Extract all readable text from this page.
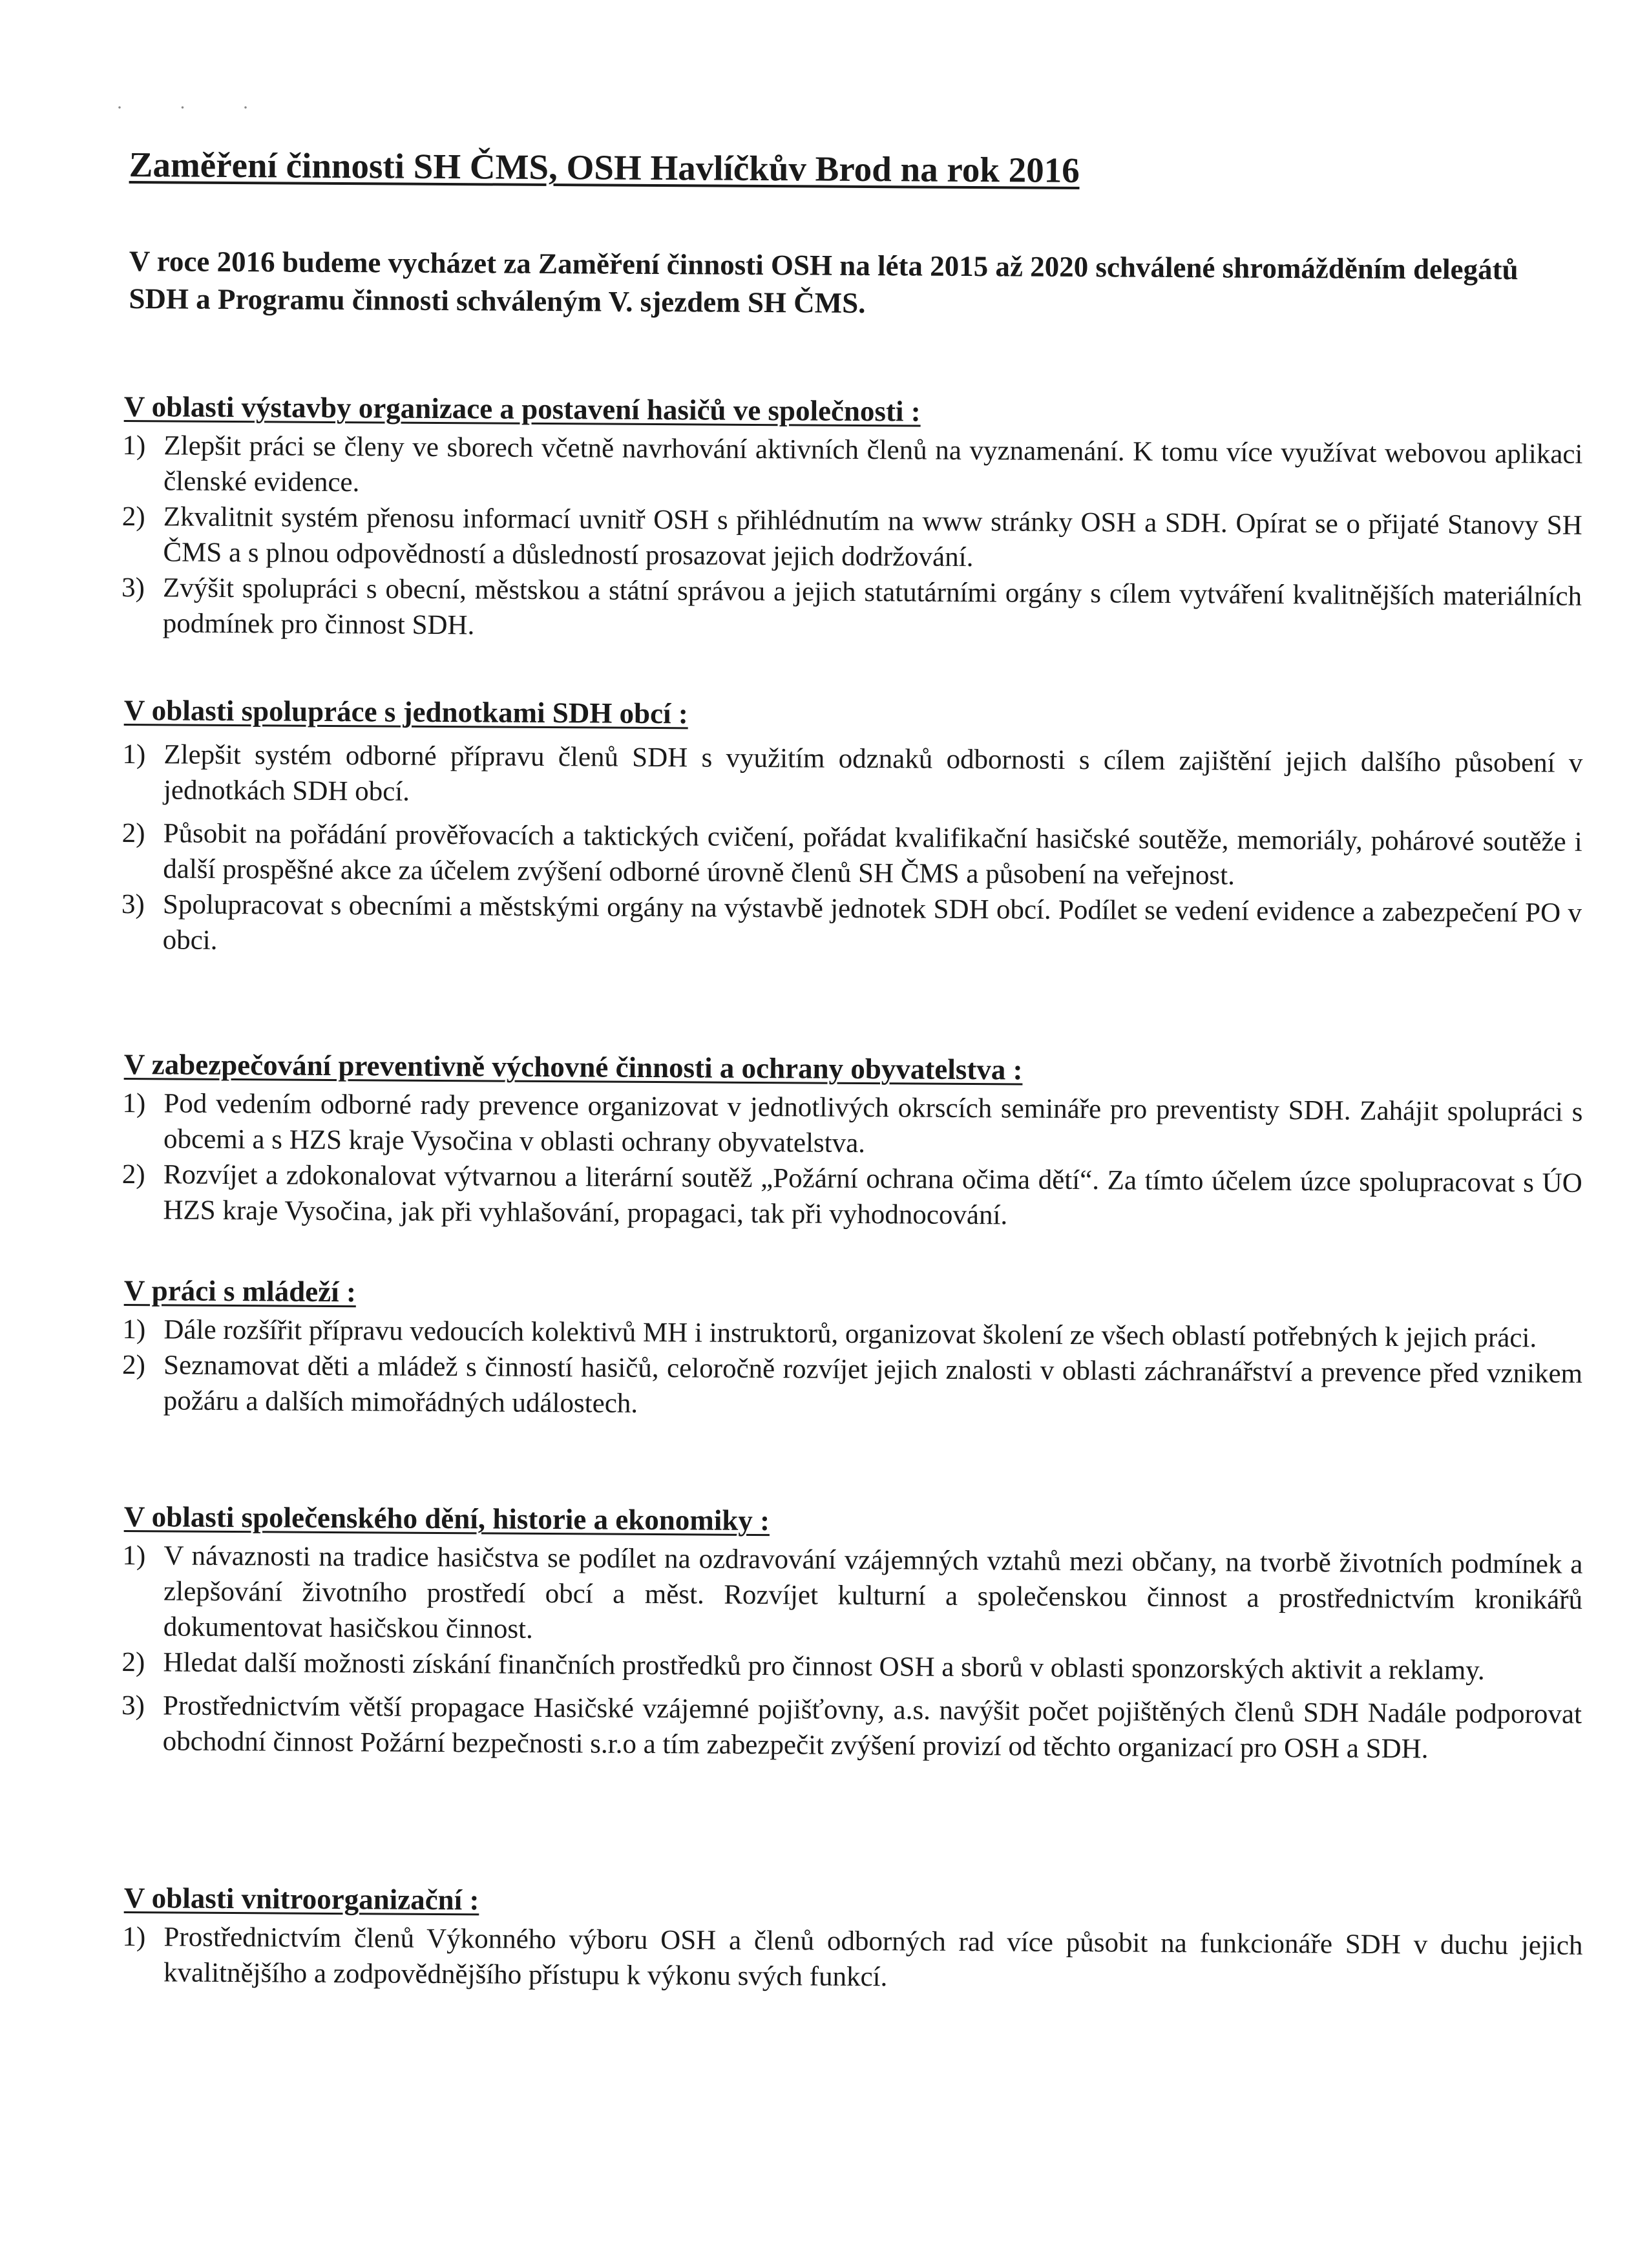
· · ·
Zaměření činnosti SH ČMS, OSH Havlíčkův Brod na rok 2016
V roce 2016 budeme vycházet za Zaměření činnosti OSH na léta 2015 až 2020 schválené shromážděním delegátů SDH a Programu činnosti schváleným V. sjezdem SH ČMS.
V oblasti výstavby organizace a postavení hasičů ve společnosti :
1) Zlepšit práci se členy ve sborech včetně navrhování aktivních členů na vyznamenání. K tomu více využívat webovou aplikaci členské evidence.
2) Zkvalitnit systém přenosu informací uvnitř OSH s přihlédnutím na www stránky OSH a SDH. Opírat se o přijaté Stanovy SH ČMS a s plnou odpovědností a důsledností prosazovat jejich dodržování.
3) Zvýšit spolupráci s obecní, městskou a státní správou a jejich statutárními orgány s cílem vytváření kvalitnějších materiálních podmínek pro činnost SDH.
V oblasti spolupráce s jednotkami SDH obcí :
1) Zlepšit systém odborné přípravu členů SDH s využitím odznaků odbornosti s cílem zajištění jejich dalšího působení v jednotkách SDH obcí.
2) Působit na pořádání prověřovacích a taktických cvičení, pořádat kvalifikační hasičské soutěže, memoriály, pohárové soutěže i další prospěšné akce za účelem zvýšení odborné úrovně členů SH ČMS a působení na veřejnost.
3) Spolupracovat s obecními a městskými orgány na výstavbě jednotek SDH obcí. Podílet se vedení evidence a zabezpečení PO v obci.
V zabezpečování preventivně výchovné činnosti a ochrany obyvatelstva :
1) Pod vedením odborné rady prevence organizovat v jednotlivých okrscích semináře pro preventisty SDH. Zahájit spolupráci s obcemi a s HZS kraje Vysočina v oblasti ochrany obyvatelstva.
2) Rozvíjet a zdokonalovat výtvarnou a literární soutěž „Požární ochrana očima dětí“. Za tímto účelem úzce spolupracovat s ÚO HZS kraje Vysočina, jak při vyhlašování, propagaci, tak při vyhodnocování.
V práci s mládeží :
1) Dále rozšířit přípravu vedoucích kolektivů MH i instruktorů, organizovat školení ze všech oblastí potřebných k jejich práci.
2) Seznamovat děti a mládež s činností hasičů, celoročně rozvíjet jejich znalosti v oblasti záchranářství a prevence před vznikem požáru a dalších mimořádných událostech.
V oblasti společenského dění, historie a ekonomiky :
1) V návaznosti na tradice hasičstva se podílet na ozdravování vzájemných vztahů mezi občany, na tvorbě životních podmínek a zlepšování životního prostředí obcí a měst. Rozvíjet kulturní a společenskou činnost a prostřednictvím kronikářů dokumentovat hasičskou činnost.
2) Hledat další možnosti získání finančních prostředků pro činnost OSH a sborů v oblasti sponzorských aktivit a reklamy.
3) Prostřednictvím větší propagace Hasičské vzájemné pojišťovny, a.s. navýšit počet pojištěných členů SDH Nadále podporovat obchodní činnost Požární bezpečnosti s.r.o a tím zabezpečit zvýšení provizí od těchto organizací pro OSH a SDH.
V oblasti vnitroorganizační :
1) Prostřednictvím členů Výkonného výboru OSH a členů odborných rad více působit na funkcionáře SDH v duchu jejich kvalitnějšího a zodpovědnějšího přístupu k výkonu svých funkcí.
